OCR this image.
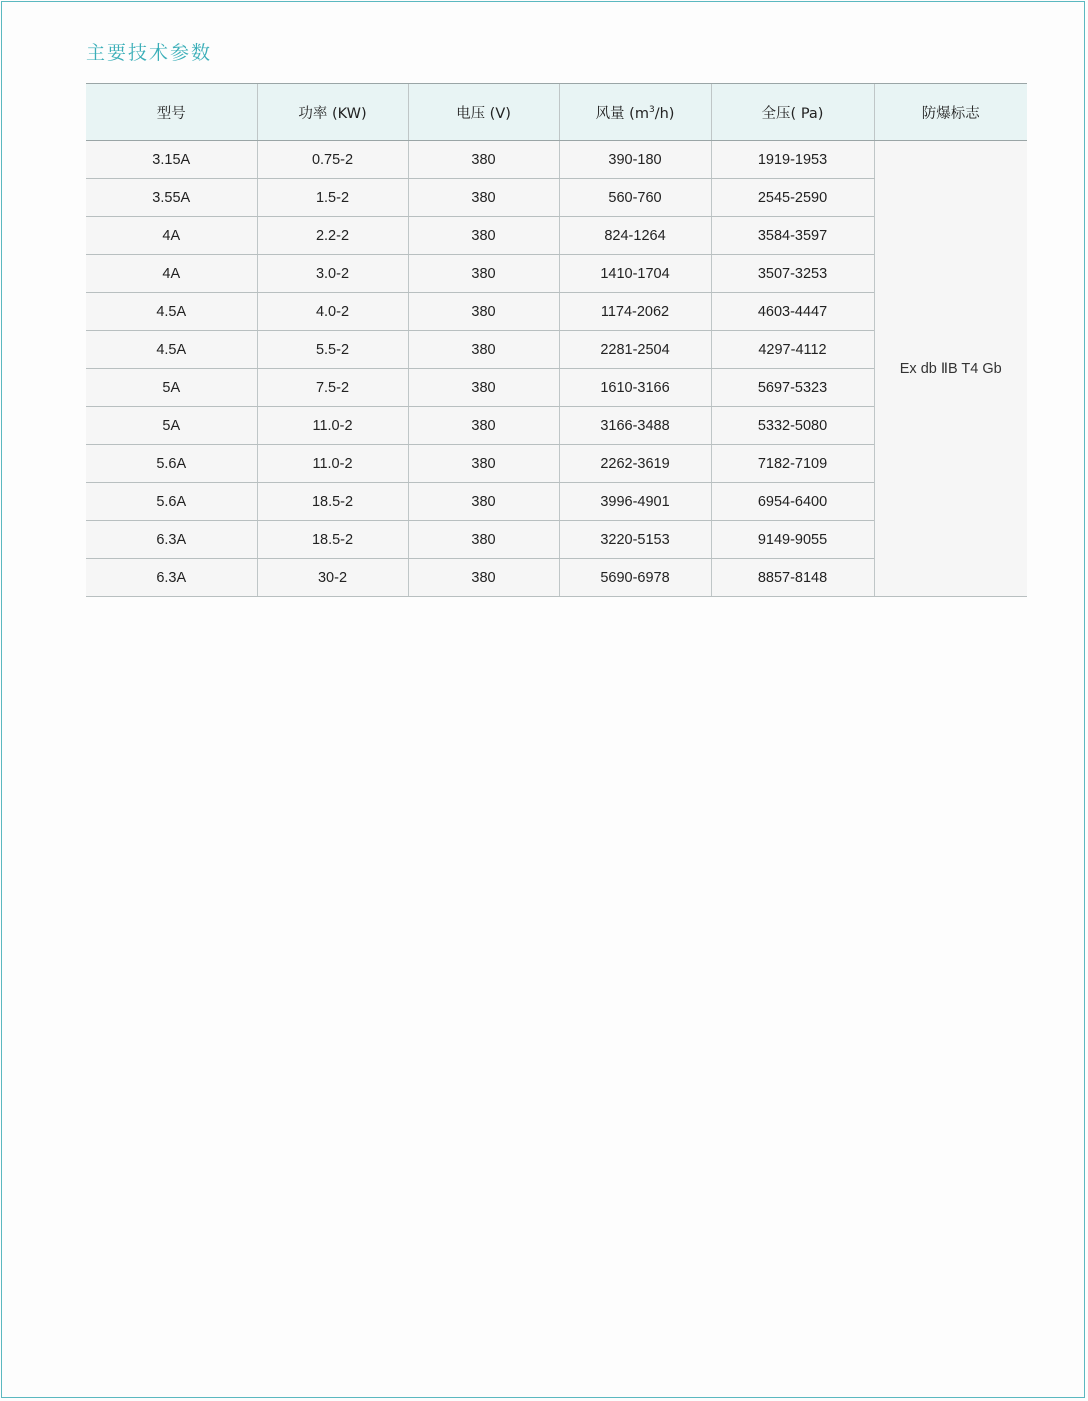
主要技术参数
型号	功率 (KW)	电压 (V)	风量 $(m^3/h)$	全压( Pa)	防爆标志
3.15A	0.75-2	380	390-180	1919-1953	Ex db ⅡB T4 Gb
3.55A	1.5-2	380	560-760	2545-2590	
4A	2.2-2	380	824-1264	3584-3597	
4A	3.0-2	380	1410-1704	3507-3253	
4.5A	4.0-2	380	1174-2062	4603-4447	
4.5A	5.5-2	380	2281-2504	4297-4112	
5A	7.5-2	380	1610-3166	5697-5323	
5A	11.0-2	380	3166-3488	5332-5080	
5.6A	11.0-2	380	2262-3619	7182-7109	
5.6A	18.5-2	380	3996-4901	6954-6400	
6.3A	18.5-2	380	3220-5153	9149-9055	
6.3A	30-2	380	5690-6978	8857-8148	
